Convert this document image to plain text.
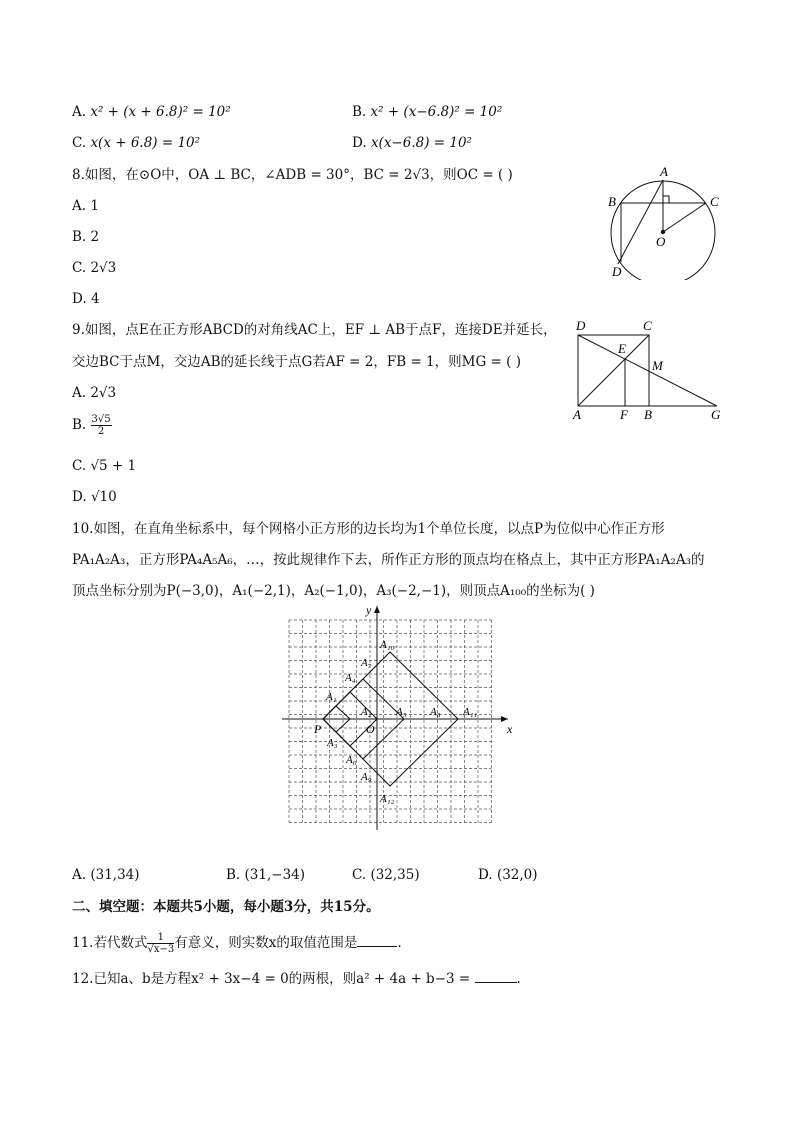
A. x² + (x + 6.8)² = 10²	B. x² + (x−6.8)² = 10²
C. x(x + 6.8) = 10²	D. x(x−6.8) = 10²
8.如图，在⊙O中，OA ⊥ BC，∠ADB = 30°，BC = 2√3，则OC = ( )
A. 1
B. 2
C. 2√3
D. 4
A
B	C
D
O
9.如图，点E在正方形ABCD的对角线AC上，EF ⊥ AB于点F，连接DE并延长，
交边BC于点M，交边AB的延长线于点G若AF = 2，FB = 1，则MG = ( )
A. 2√3
B. $\frac{3√5}{2}$
C. √5 + 1
D. √10
D	C
E
M
A	F B	G
10.如图，在直角坐标系中，每个网格小正方形的边长均为1个单位长度，以点P为位似中心作正方形
PA₁A₂A₃，正方形PA₄A₅A₆，…，按此规律作下去，所作正方形的顶点均在格点上，其中正方形PA₁A₂A₃的
顶点坐标分别为P(−3,0)，A₁(−2,1)，A₂(−1,0)，A₃(−2,−1)，则顶点A₁₀₀的坐标为( )
x
y
O
P
A₁
A₂
A₃
A₄
A₅
A₆
A₇
A₈
A₉
A₁₀
A₁₁
A₁₂
A. (31,34)	B. (31,−34)	C. (32,35)	D. (32,0)
二、填空题：本题共5小题，每小题3分，共15分。
11.若代数式 $\frac{1}{√x-3}$ 有意义，则实数x的取值范围是	.
12.已知a、b是方程x² + 3x−4 = 0的两根，则a² + 4a + b−3 =	.
